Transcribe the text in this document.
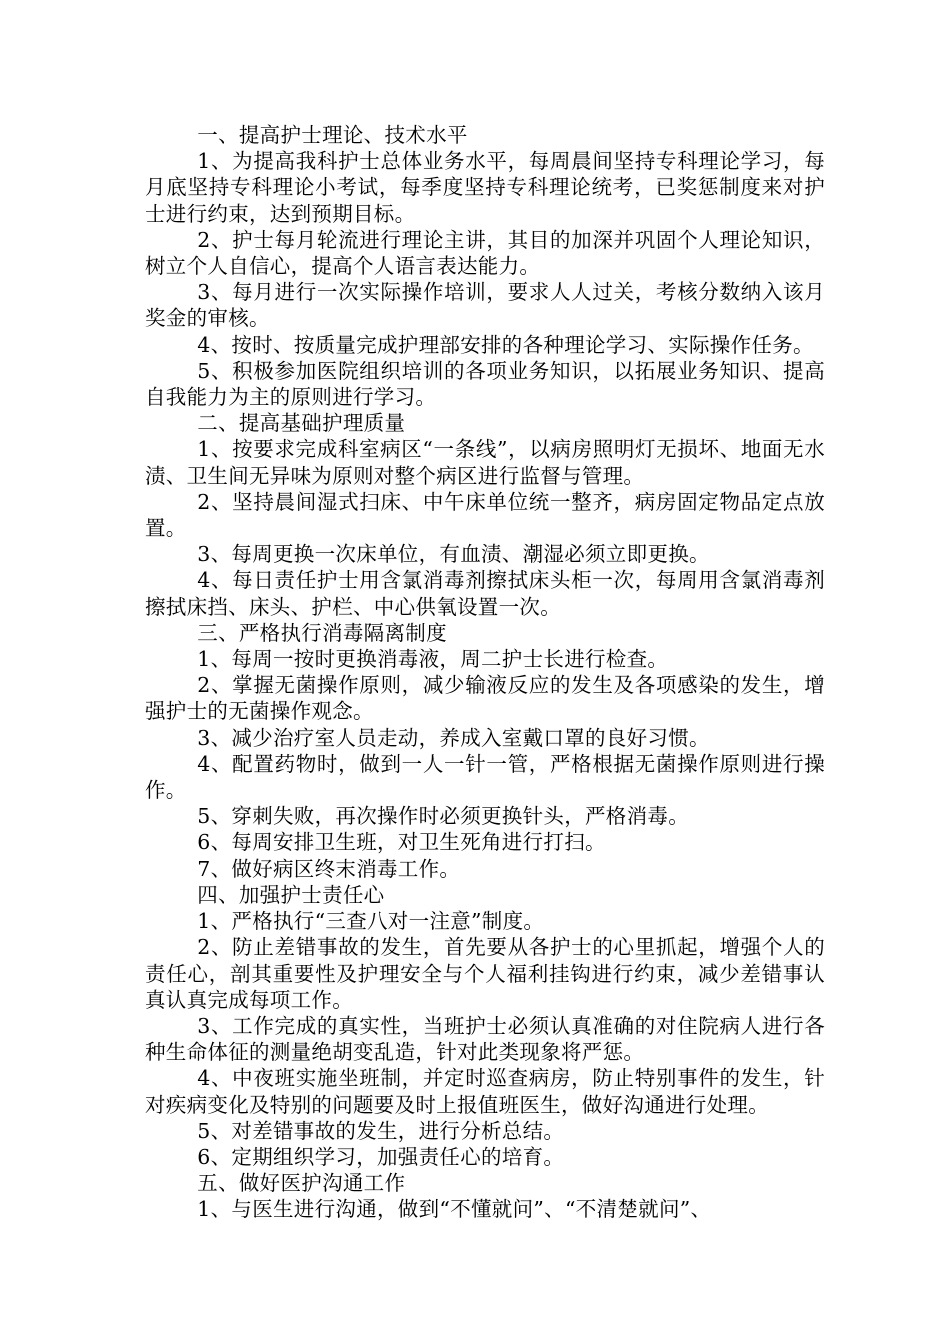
一、提高护士理论、技术水平

1、为提高我科护士总体业务水平，每周晨间坚持专科理论学习，每月底坚持专科理论小考试，每季度坚持专科理论统考，已奖惩制度来对护士进行约束，达到预期目标。

2、护士每月轮流进行理论主讲，其目的加深并巩固个人理论知识，树立个人自信心，提高个人语言表达能力。

3、每月进行一次实际操作培训，要求人人过关，考核分数纳入该月奖金的审核。

4、按时、按质量完成护理部安排的各种理论学习、实际操作任务。

5、积极参加医院组织培训的各项业务知识，以拓展业务知识、提高自我能力为主的原则进行学习。

二、提高基础护理质量

1、按要求完成科室病区“一条线”，以病房照明灯无损坏、地面无水渍、卫生间无异味为原则对整个病区进行监督与管理。

2、坚持晨间湿式扫床、中午床单位统一整齐，病房固定物品定点放置。

3、每周更换一次床单位，有血渍、潮湿必须立即更换。

4、每日责任护士用含氯消毒剂擦拭床头柜一次，每周用含氯消毒剂擦拭床挡、床头、护栏、中心供氧设置一次。

三、严格执行消毒隔离制度

1、每周一按时更换消毒液，周二护士长进行检查。

2、掌握无菌操作原则，减少输液反应的发生及各项感染的发生，增强护士的无菌操作观念。

3、减少治疗室人员走动，养成入室戴口罩的良好习惯。

4、配置药物时，做到一人一针一管，严格根据无菌操作原则进行操作。

5、穿刺失败，再次操作时必须更换针头，严格消毒。

6、每周安排卫生班，对卫生死角进行打扫。

7、做好病区终末消毒工作。

四、加强护士责任心

1、严格执行“三查八对一注意”制度。

2、防止差错事故的发生，首先要从各护士的心里抓起，增强个人的责任心，剖其重要性及护理安全与个人福利挂钩进行约束，减少差错事认真认真完成每项工作。

3、工作完成的真实性，当班护士必须认真准确的对住院病人进行各种生命体征的测量绝胡变乱造，针对此类现象将严惩。

4、中夜班实施坐班制，并定时巡查病房，防止特别事件的发生，针对疾病变化及特别的问题要及时上报值班医生，做好沟通进行处理。

5、对差错事故的发生，进行分析总结。

6、定期组织学习，加强责任心的培育。

五、做好医护沟通工作

1、与医生进行沟通，做到“不懂就问”、“不清楚就问”、
